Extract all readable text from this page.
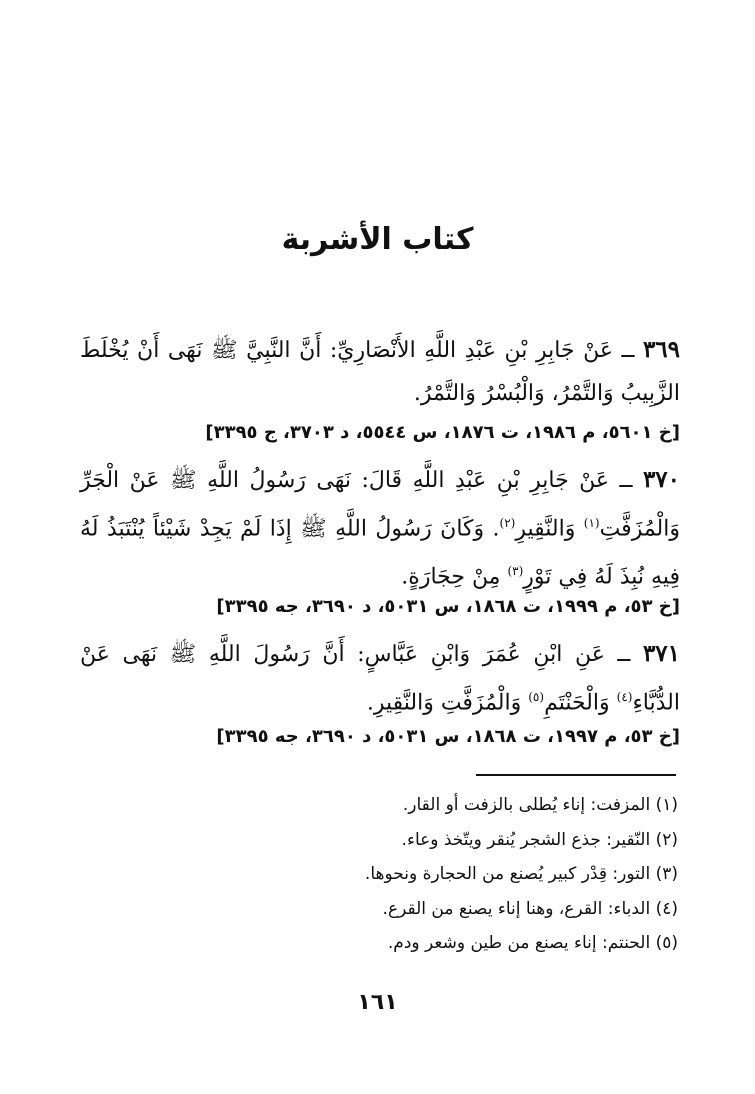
كتاب الأشربة
٣٦٩ ــ عَنْ جَابِرِ بْنِ عَبْدِ اللَّهِ الأَنْصَارِيِّ: أَنَّ النَّبِيَّ ﷺ نَهَى أَنْ يُخْلَطَ الزَّبِيبُ وَالتَّمْرُ، وَالْبُسْرُ وَالتَّمْرُ.
[خ ٥٦٠١، م ١٩٨٦، ت ١٨٧٦، س ٥٥٤٤، د ٣٧٠٣، ج ٣٣٩٥]
٣٧٠ ــ عَنْ جَابِرِ بْنِ عَبْدِ اللَّهِ قَالَ: نَهَى رَسُولُ اللَّهِ ﷺ عَنْ الْجَرِّ وَالْمُزَفَّتِ$^{(١)}$ وَالنَّقِيرِ$^{(٢)}$. وَكَانَ رَسُولُ اللَّهِ ﷺ إِذَا لَمْ يَجِدْ شَيْئاً يُنْتَبَذُ لَهُ فِيهِ نُبِذَ لَهُ فِي تَوْرٍ$^{(٣)}$ مِنْ حِجَارَةٍ.
[خ ٥٣، م ١٩٩٩، ت ١٨٦٨، س ٥٠٣١، د ٣٦٩٠، جه ٣٣٩٥]
٣٧١ ــ عَنِ ابْنِ عُمَرَ وَابْنِ عَبَّاسٍ: أَنَّ رَسُولَ اللَّهِ ﷺ نَهَى عَنْ الدُّبَّاءِ$^{(٤)}$ وَالْحَنْتَمِ$^{(٥)}$ وَالْمُزَفَّتِ وَالنَّقِيرِ.
[خ ٥٣، م ١٩٩٧، ت ١٨٦٨، س ٥٠٣١، د ٣٦٩٠، جه ٣٣٩٥]
(١) المزفت: إناء يُطلى بالزفت أو القار.
(٢) النّقير: جذع الشجر يُنقر ويتّخذ وعاء.
(٣) التور: قِدْر كبير يُصنع من الحجارة ونحوها.
(٤) الدباء: القرع، وهنا إناء يصنع من القرع.
(٥) الحنتم: إناء يصنع من طين وشعر ودم.
١٦١
